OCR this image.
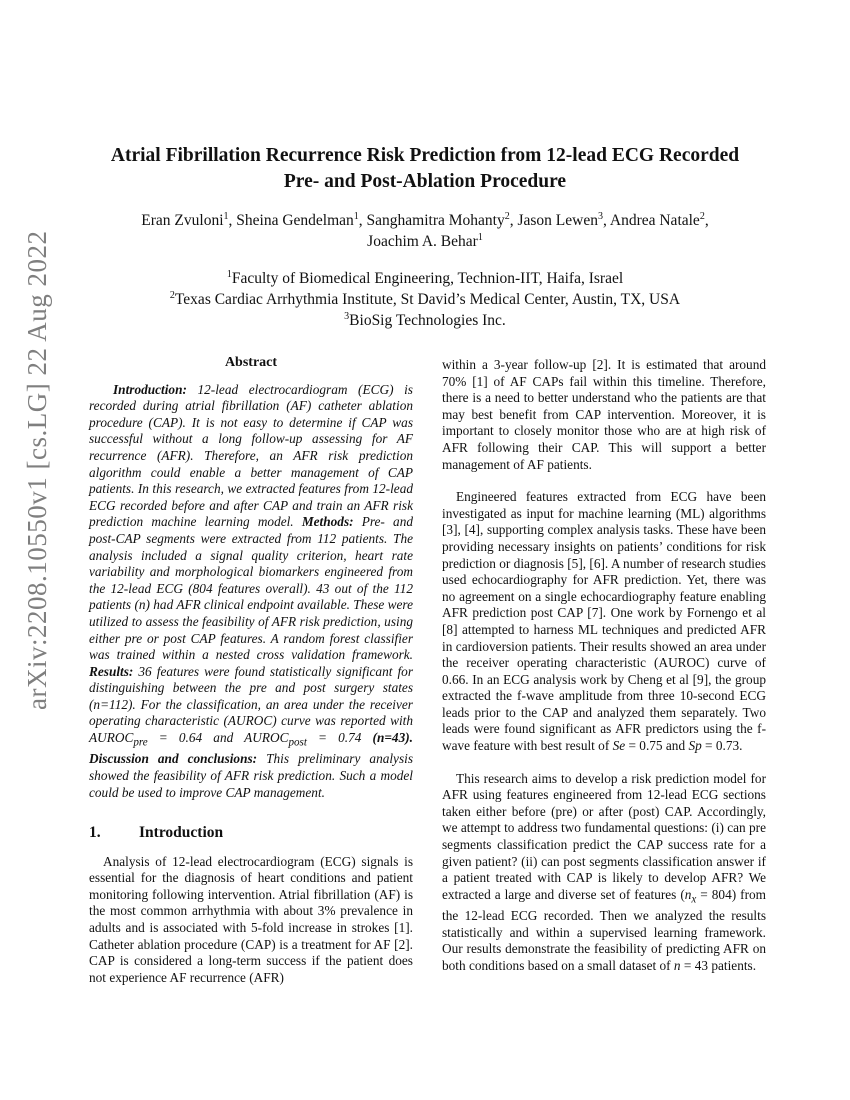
arXiv:2208.10550v1 [cs.LG] 22 Aug 2022
Atrial Fibrillation Recurrence Risk Prediction from 12-lead ECG Recorded
Pre- and Post-Ablation Procedure
Eran Zvuloni$^1$, Sheina Gendelman$^1$, Sanghamitra Mohanty$^2$, Jason Lewen$^3$, Andrea Natale$^2$,
Joachim A. Behar$^1$
$^1$Faculty of Biomedical Engineering, Technion-IIT, Haifa, Israel
$^2$Texas Cardiac Arrhythmia Institute, St David’s Medical Center, Austin, TX, USA
$^3$BioSig Technologies Inc.
Abstract

Introduction: 12-lead electrocardiogram (ECG) is recorded during atrial fibrillation (AF) catheter ablation procedure (CAP). It is not easy to determine if CAP was successful without a long follow-up assessing for AF recurrence (AFR). Therefore, an AFR risk prediction algorithm could enable a better management of CAP patients. In this research, we extracted features from 12-lead ECG recorded before and after CAP and train an AFR risk prediction machine learning model. Methods: Pre- and post-CAP segments were extracted from 112 patients. The analysis included a signal quality criterion, heart rate variability and morphological biomarkers engineered from the 12-lead ECG (804 features overall). 43 out of the 112 patients (n) had AFR clinical endpoint available. These were utilized to assess the feasibility of AFR risk prediction, using either pre or post CAP features. A random forest classifier was trained within a nested cross validation framework. Results: 36 features were found statistically significant for distinguishing between the pre and post surgery states (n=112). For the classification, an area under the receiver operating characteristic (AUROC) curve was reported with $AUROC_{pre} = 0.64$ and $AUROC_{post} = 0.74$ (n=43). Discussion and conclusions: This preliminary analysis showed the feasibility of AFR risk prediction. Such a model could be used to improve CAP management.

1.	Introduction

Analysis of 12-lead electrocardiogram (ECG) signals is essential for the diagnosis of heart conditions and patient monitoring following intervention. Atrial fibrillation (AF) is the most common arrhythmia with about 3% prevalence in adults and is associated with 5-fold increase in strokes [1]. Catheter ablation procedure (CAP) is a treatment for AF [2]. CAP is considered a long-term success if the patient does not experience AF recurrence (AFR)

within a 3-year follow-up [2]. It is estimated that around 70% [1] of AF CAPs fail within this timeline. Therefore, there is a need to better understand who the patients are that may best benefit from CAP intervention. Moreover, it is important to closely monitor those who are at high risk of AFR following their CAP. This will support a better management of AF patients.

Engineered features extracted from ECG have been investigated as input for machine learning (ML) algorithms [3], [4], supporting complex analysis tasks. These have been providing necessary insights on patients’ conditions for risk prediction or diagnosis [5], [6]. A number of research studies used echocardiography for AFR prediction. Yet, there was no agreement on a single echocardiography feature enabling AFR prediction post CAP [7]. One work by Fornengo et al [8] attempted to harness ML techniques and predicted AFR in cardioversion patients. Their results showed an area under the receiver operating characteristic (AUROC) curve of 0.66. In an ECG analysis work by Cheng et al [9], the group extracted the f-wave amplitude from three 10-second ECG leads prior to the CAP and analyzed them separately. Two leads were found significant as AFR predictors using the f-wave feature with best result of Se = 0.75 and Sp = 0.73.

This research aims to develop a risk prediction model for AFR using features engineered from 12-lead ECG sections taken either before (pre) or after (post) CAP. Accordingly, we attempt to address two fundamental questions: (i) can pre segments classification predict the CAP success rate for a given patient? (ii) can post segments classification answer if a patient treated with CAP is likely to develop AFR? We extracted a large and diverse set of features $(n_x = 804)$ from the 12-lead ECG recorded. Then we analyzed the results statistically and within a supervised learning framework. Our results demonstrate the feasibility of predicting AFR on both conditions based on a small dataset of n = 43 patients.
